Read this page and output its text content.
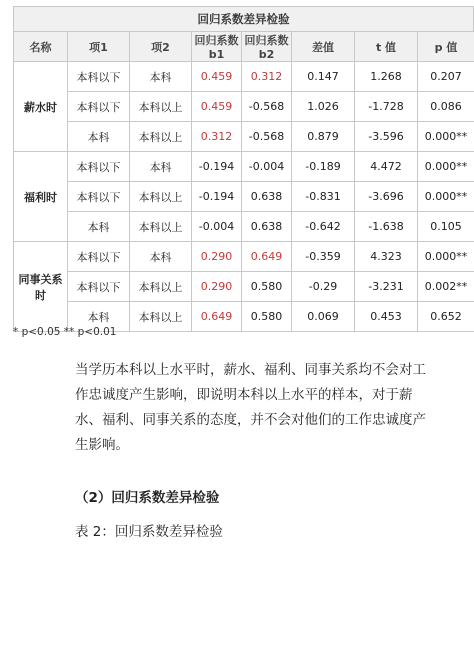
回归系数差异检验
名称	项1	项2	回归系数b1	回归系数b2	差值	t 值	p 值
薪水时	本科以下	本科	0.459	0.312	0.147	1.268	0.207
	本科以下	本科以上	0.459	-0.568	1.026	-1.728	0.086
	本科	本科以上	0.312	-0.568	0.879	-3.596	0.000**
福利时	本科以下	本科	-0.194	-0.004	-0.189	4.472	0.000**
	本科以下	本科以上	-0.194	0.638	-0.831	-3.696	0.000**
	本科	本科以上	-0.004	0.638	-0.642	-1.638	0.105
同事关系时	本科以下	本科	0.290	0.649	-0.359	4.323	0.000**
	本科以下	本科以上	0.290	0.580	-0.29	-3.231	0.002**
	本科	本科以上	0.649	0.580	0.069	0.453	0.652
* p<0.05 ** p<0.01
当学历本科以上水平时，薪水、福利、同事关系均不会对工作忠诚度产生影响，即说明本科以上水平的样本，对于薪水、福利、同事关系的态度，并不会对他们的工作忠诚度产生影响。
（2）回归系数差异检验
表 2：回归系数差异检验
